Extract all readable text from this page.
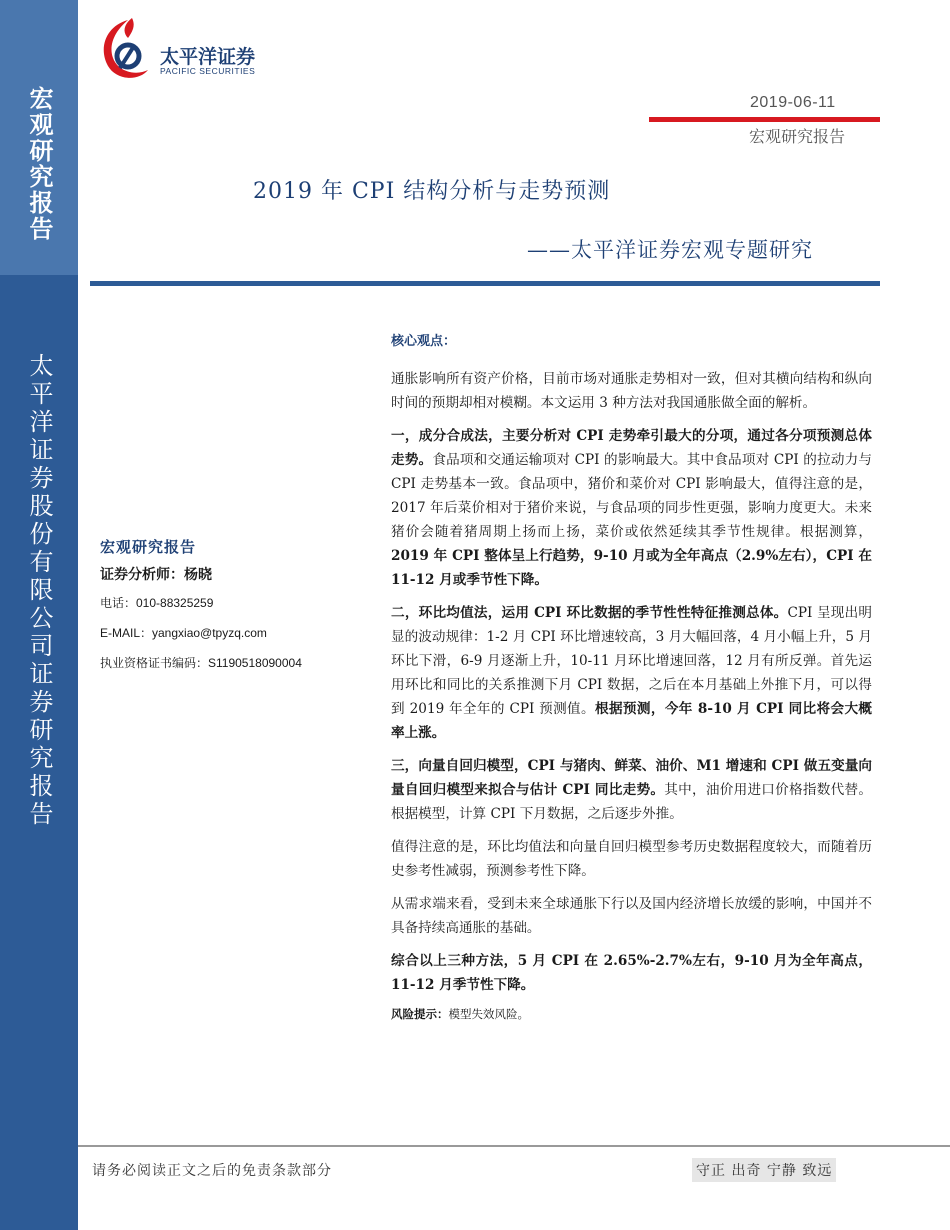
宏观研究报告
太平洋证券股份有限公司证券研究报告
太平洋证券
PACIFIC SECURITIES
2019-06-11
宏观研究报告
2019 年 CPI 结构分析与走势预测
——太平洋证券宏观专题研究
宏观研究报告
证券分析师：杨晓
电话：010-88325259
E-MAIL：yangxiao@tpyzq.com
执业资格证书编码：S1190518090004
核心观点：

通胀影响所有资产价格，目前市场对通胀走势相对一致，但对其横向结构和纵向时间的预期却相对模糊。本文运用 3 种方法对我国通胀做全面的解析。

一，成分合成法，主要分析对 CPI 走势牵引最大的分项，通过各分项预测总体走势。食品项和交通运输项对 CPI 的影响最大。其中食品项对 CPI 的拉动力与 CPI 走势基本一致。食品项中，猪价和菜价对 CPI 影响最大，值得注意的是，2017 年后菜价相对于猪价来说，与食品项的同步性更强，影响力度更大。未来猪价会随着猪周期上扬而上扬，菜价或依然延续其季节性规律。根据测算，2019 年 CPI 整体呈上行趋势，9-10 月或为全年高点（2.9%左右），CPI 在 11-12 月或季节性下降。

二，环比均值法，运用 CPI 环比数据的季节性性特征推测总体。CPI 呈现出明显的波动规律：1-2 月 CPI 环比增速较高，3 月大幅回落，4 月小幅上升，5 月环比下滑，6-9 月逐渐上升，10-11 月环比增速回落，12 月有所反弹。首先运用环比和同比的关系推测下月 CPI 数据，之后在本月基础上外推下月，可以得到 2019 年全年的 CPI 预测值。根据预测，今年 8-10 月 CPI 同比将会大概率上涨。

三，向量自回归模型，CPI 与猪肉、鲜菜、油价、M1 增速和 CPI 做五变量向量自回归模型来拟合与估计 CPI 同比走势。其中，油价用进口价格指数代替。根据模型，计算 CPI 下月数据，之后逐步外推。

值得注意的是，环比均值法和向量自回归模型参考历史数据程度较大，而随着历史参考性减弱，预测参考性下降。

从需求端来看，受到未来全球通胀下行以及国内经济增长放缓的影响，中国并不具备持续高通胀的基础。

综合以上三种方法，5 月 CPI 在 2.65%-2.7%左右，9-10 月为全年高点，11-12 月季节性下降。

风险提示：模型失效风险。
请务必阅读正文之后的免责条款部分	守正 出奇 宁静 致远
